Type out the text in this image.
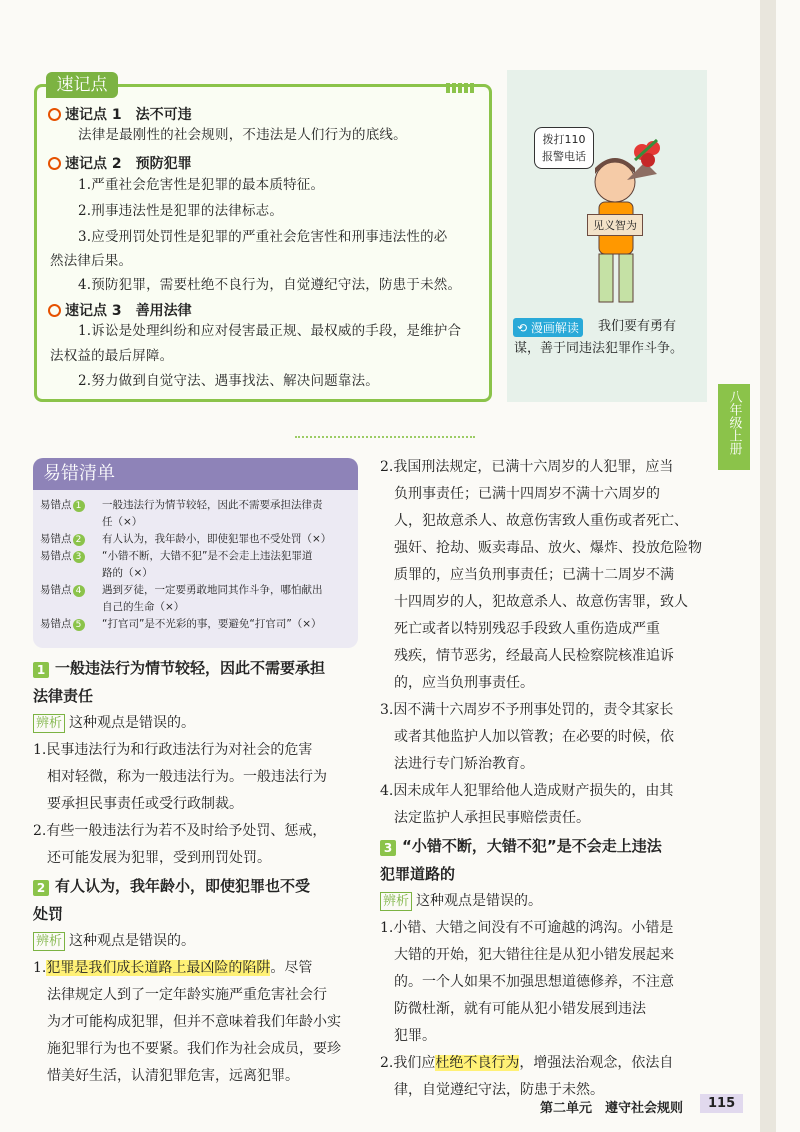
速记点
速记点 1　法不可违
法律是最刚性的社会规则，不违法是人们行为的底线。
速记点 2　预防犯罪
1.严重社会危害性是犯罪的最本质特征。
2.刑事违法性是犯罪的法律标志。
3.应受刑罚处罚性是犯罪的严重社会危害性和刑事违法性的必
然法律后果。
4.预防犯罪，需要杜绝不良行为，自觉遵纪守法，防患于未然。
速记点 3　善用法律
1.诉讼是处理纠纷和应对侵害最正规、最权威的手段，是维护合
法权益的最后屏障。
2.努力做到自觉守法、遇事找法、解决问题靠法。
拨打110
报警电话
见义智为
⟲ 漫画解读	我们要有勇有
谋，善于同违法犯罪作斗争。
八年级上册
易错清单
易错点 1 一般违法行为情节较轻，因此不需要承担法律责
任（×）
易错点 2 有人认为，我年龄小，即使犯罪也不受处罚（×）
易错点 3 “小错不断，大错不犯”是不会走上违法犯罪道
路的（×）
易错点 4 遇到歹徒，一定要勇敢地同其作斗争，哪怕献出
自己的生命（×）
易错点 5 “打官司”是不光彩的事，要避免“打官司”（×）
1 一般违法行为情节较轻，因此不需要承担
法律责任
辨析 这种观点是错误的。
1.民事违法行为和行政违法行为对社会的危害
相对轻微，称为一般违法行为。一般违法行为
要承担民事责任或受行政制裁。
2.有些一般违法行为若不及时给予处罚、惩戒，
还可能发展为犯罪，受到刑罚处罚。
2 有人认为，我年龄小，即使犯罪也不受
处罚
辨析 这种观点是错误的。
1.犯罪是我们成长道路上最凶险的陷阱。尽管
法律规定人到了一定年龄实施严重危害社会行
为才可能构成犯罪，但并不意味着我们年龄小实
施犯罪行为也不要紧。我们作为社会成员，要珍
惜美好生活，认清犯罪危害，远离犯罪。
2.我国刑法规定，已满十六周岁的人犯罪，应当
负刑事责任；已满十四周岁不满十六周岁的
人，犯故意杀人、故意伤害致人重伤或者死亡、
强奸、抢劫、贩卖毒品、放火、爆炸、投放危险物
质罪的，应当负刑事责任；已满十二周岁不满
十四周岁的人，犯故意杀人、故意伤害罪，致人
死亡或者以特别残忍手段致人重伤造成严重
残疾，情节恶劣，经最高人民检察院核准追诉
的，应当负刑事责任。
3.因不满十六周岁不予刑事处罚的，责令其家长
或者其他监护人加以管教；在必要的时候，依
法进行专门矫治教育。
4.因未成年人犯罪给他人造成财产损失的，由其
法定监护人承担民事赔偿责任。
3 “小错不断，大错不犯”是不会走上违法
犯罪道路的
辨析 这种观点是错误的。
1.小错、大错之间没有不可逾越的鸿沟。小错是
大错的开始，犯大错往往是从犯小错发展起来
的。一个人如果不加强思想道德修养，不注意
防微杜渐，就有可能从犯小错发展到违法
犯罪。
2.我们应杜绝不良行为，增强法治观念，依法自
律，自觉遵纪守法，防患于未然。
第二单元　遵守社会规则	115
